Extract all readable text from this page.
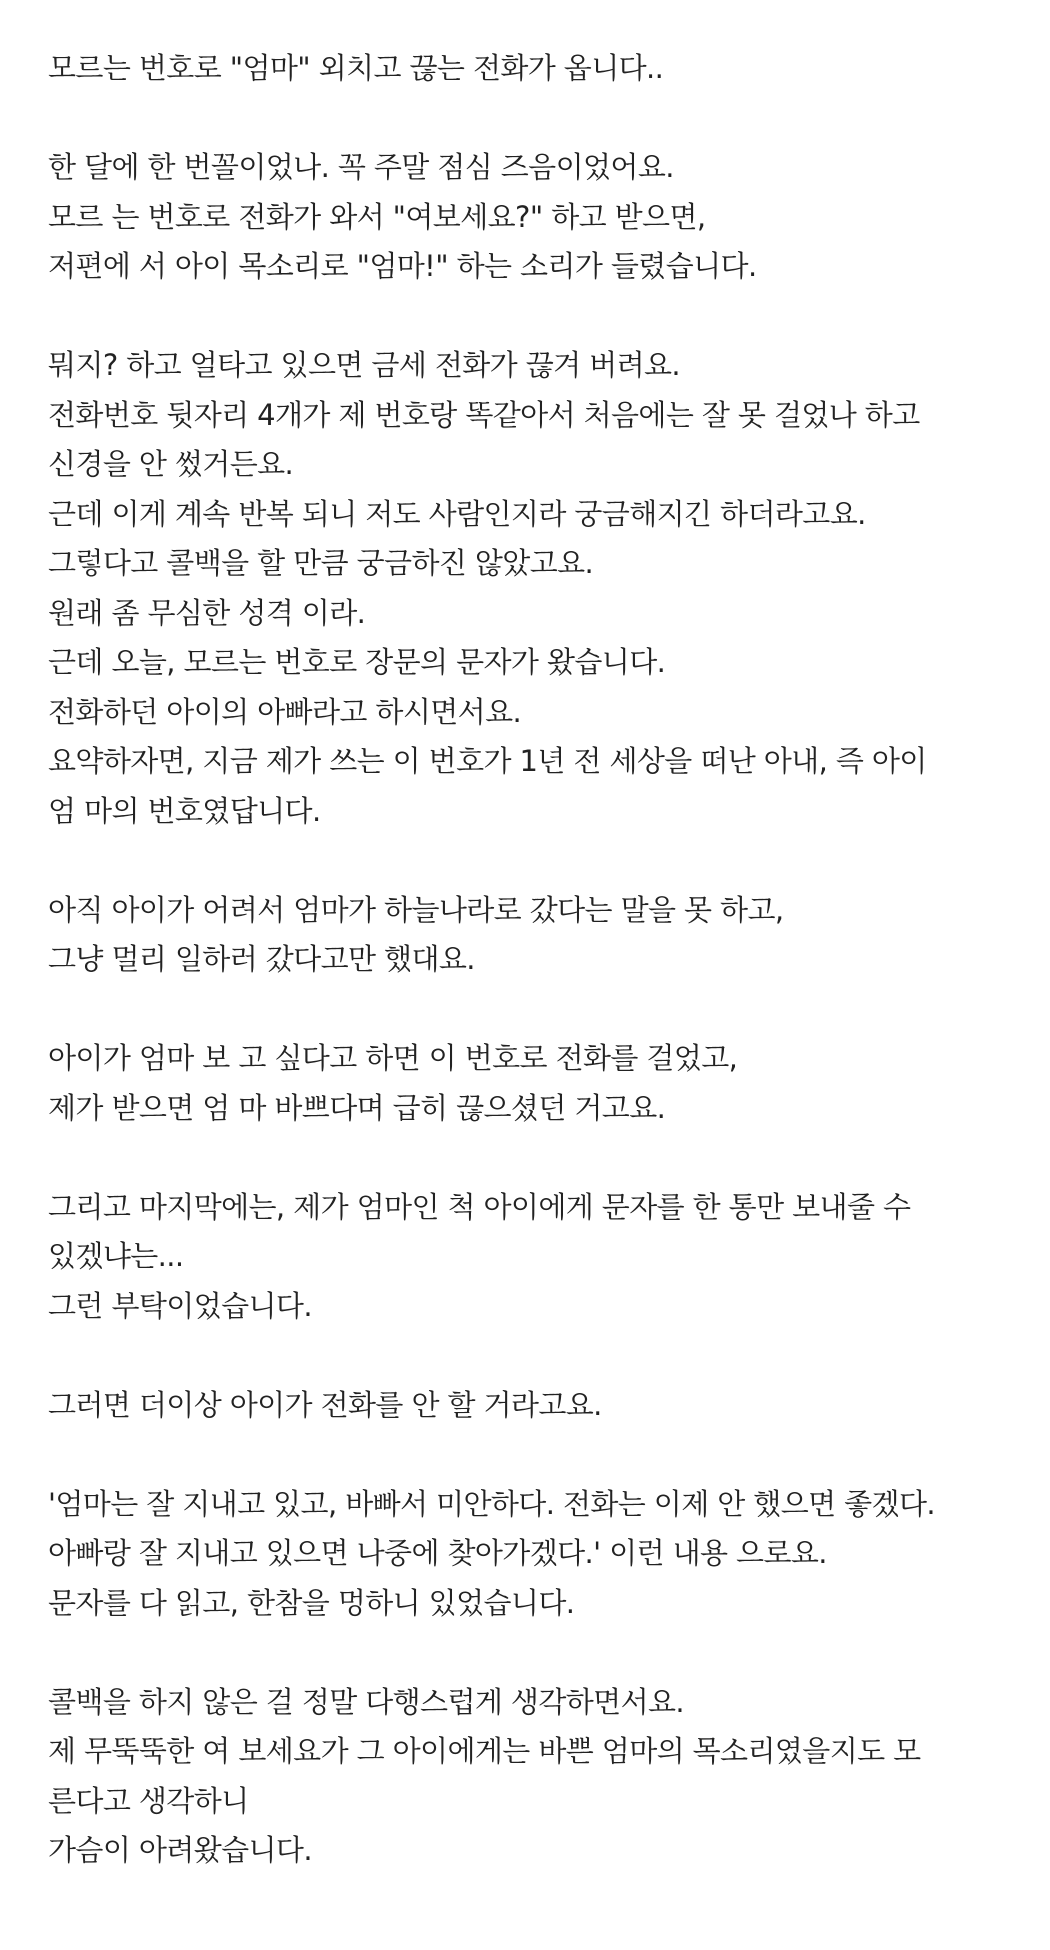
모르는 번호로 "엄마" 외치고 끊는 전화가 옵니다..
한 달에 한 번꼴이었나. 꼭 주말 점심 즈음이었어요.
모르 는 번호로 전화가 와서 "여보세요?" 하고 받으면,
저편에 서 아이 목소리로 "엄마!" 하는 소리가 들렸습니다.
뭐지? 하고 얼타고 있으면 금세 전화가 끊겨 버려요.
전화번호 뒷자리 4개가 제 번호랑 똑같아서 처음에는 잘 못 걸었나 하고
신경을 안 썼거든요.
근데 이게 계속 반복 되니 저도 사람인지라 궁금해지긴 하더라고요.
그렇다고 콜백을 할 만큼 궁금하진 않았고요.
원래 좀 무심한 성격 이라.
근데 오늘, 모르는 번호로 장문의 문자가 왔습니다.
전화하던 아이의 아빠라고 하시면서요.
요약하자면, 지금 제가 쓰는 이 번호가 1년 전 세상을 떠난 아내, 즉 아이
엄 마의 번호였답니다.
아직 아이가 어려서 엄마가 하늘나라로 갔다는 말을 못 하고,
그냥 멀리 일하러 갔다고만 했대요.
아이가 엄마 보 고 싶다고 하면 이 번호로 전화를 걸었고,
제가 받으면 엄 마 바쁘다며 급히 끊으셨던 거고요.
그리고 마지막에는, 제가 엄마인 척 아이에게 문자를 한 통만 보내줄 수
있겠냐는...
그런 부탁이었습니다.
그러면 더이상 아이가 전화를 안 할 거라고요.
'엄마는 잘 지내고 있고, 바빠서 미안하다. 전화는 이제 안 했으면 좋겠다.
아빠랑 잘 지내고 있으면 나중에 찾아가겠다.' 이런 내용 으로요.
문자를 다 읽고, 한참을 멍하니 있었습니다.
콜백을 하지 않은 걸 정말 다행스럽게 생각하면서요.
제 무뚝뚝한 여 보세요가 그 아이에게는 바쁜 엄마의 목소리였을지도 모
른다고 생각하니
가슴이 아려왔습니다.
